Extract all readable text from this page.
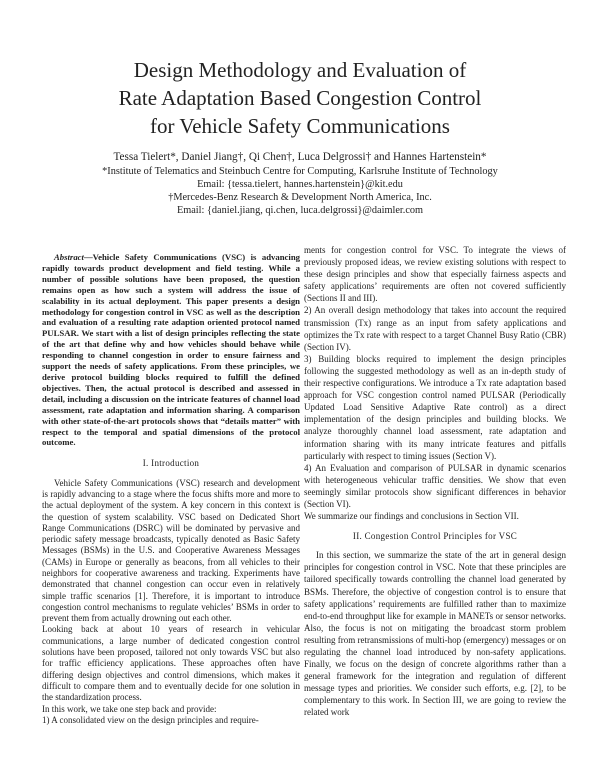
Design Methodology and Evaluation of
Rate Adaptation Based Congestion Control
for Vehicle Safety Communications
Tessa Tielert*, Daniel Jiang†, Qi Chen†, Luca Delgrossi† and Hannes Hartenstein*
*Institute of Telematics and Steinbuch Centre for Computing, Karlsruhe Institute of Technology
Email: {tessa.tielert, hannes.hartenstein}@kit.edu
†Mercedes-Benz Research & Development North America, Inc.
Email: {daniel.jiang, qi.chen, luca.delgrossi}@daimler.com

Abstract—Vehicle Safety Communications (VSC) is advancing rapidly towards product development and field testing. While a number of possible solutions have been proposed, the question remains open as how such a system will address the issue of scalability in its actual deployment. This paper presents a design methodology for congestion control in VSC as well as the description and evaluation of a resulting rate adaption oriented protocol named PULSAR. We start with a list of design principles reflecting the state of the art that define why and how vehicles should behave while responding to channel congestion in order to ensure fairness and support the needs of safety applications. From these principles, we derive protocol building blocks required to fulfill the defined objectives. Then, the actual protocol is described and assessed in detail, including a discussion on the intricate features of channel load assessment, rate adaptation and information sharing. A comparison with other state-of-the-art protocols shows that “details matter” with respect to the temporal and spatial dimensions of the protocol outcome.

I. Introduction

Vehicle Safety Communications (VSC) research and development is rapidly advancing to a stage where the focus shifts more and more to the actual deployment of the system. A key concern in this context is the question of system scalability. VSC based on Dedicated Short Range Communications (DSRC) will be dominated by pervasive and periodic safety message broadcasts, typically denoted as Basic Safety Messages (BSMs) in the U.S. and Cooperative Awareness Messages (CAMs) in Europe or generally as beacons, from all vehicles to their neighbors for cooperative awareness and tracking. Experiments have demonstrated that channel congestion can occur even in relatively simple traffic scenarios [1]. Therefore, it is important to introduce congestion control mechanisms to regulate vehicles’ BSMs in order to prevent them from actually drowning out each other.

Looking back at about 10 years of research in vehicular communications, a large number of dedicated congestion control solutions have been proposed, tailored not only towards VSC but also for traffic efficiency applications. These approaches often have differing design objectives and control dimensions, which makes it difficult to compare them and to eventually decide for one solution in the standardization process.

In this work, we take one step back and provide:

1) A consolidated view on the design principles and require-

ments for congestion control for VSC. To integrate the views of previously proposed ideas, we review existing solutions with respect to these design principles and show that especially fairness aspects and safety applications’ requirements are often not covered sufficiently (Sections II and III).

2) An overall design methodology that takes into account the required transmission (Tx) range as an input from safety applications and optimizes the Tx rate with respect to a target Channel Busy Ratio (CBR) (Section IV).

3) Building blocks required to implement the design principles following the suggested methodology as well as an in-depth study of their respective configurations. We introduce a Tx rate adaptation based approach for VSC congestion control named PULSAR (Periodically Updated Load Sensitive Adaptive Rate control) as a direct implementation of the design principles and building blocks. We analyze thoroughly channel load assessment, rate adaptation and information sharing with its many intricate features and pitfalls particularly with respect to timing issues (Section V).

4) An Evaluation and comparison of PULSAR in dynamic scenarios with heterogeneous vehicular traffic densities. We show that even seemingly similar protocols show significant differences in behavior (Section VI).

We summarize our findings and conclusions in Section VII.

II. Congestion Control Principles for VSC

In this section, we summarize the state of the art in general design principles for congestion control in VSC. Note that these principles are tailored specifically towards controlling the channel load generated by BSMs. Therefore, the objective of congestion control is to ensure that safety applications’ requirements are fulfilled rather than to maximize end-to-end throughput like for example in MANETs or sensor networks. Also, the focus is not on mitigating the broadcast storm problem resulting from retransmissions of multi-hop (emergency) messages or on regulating the channel load introduced by non-safety applications. Finally, we focus on the design of concrete algorithms rather than a general framework for the integration and regulation of different message types and priorities. We consider such efforts, e.g. [2], to be complementary to this work. In Section III, we are going to review the related work
